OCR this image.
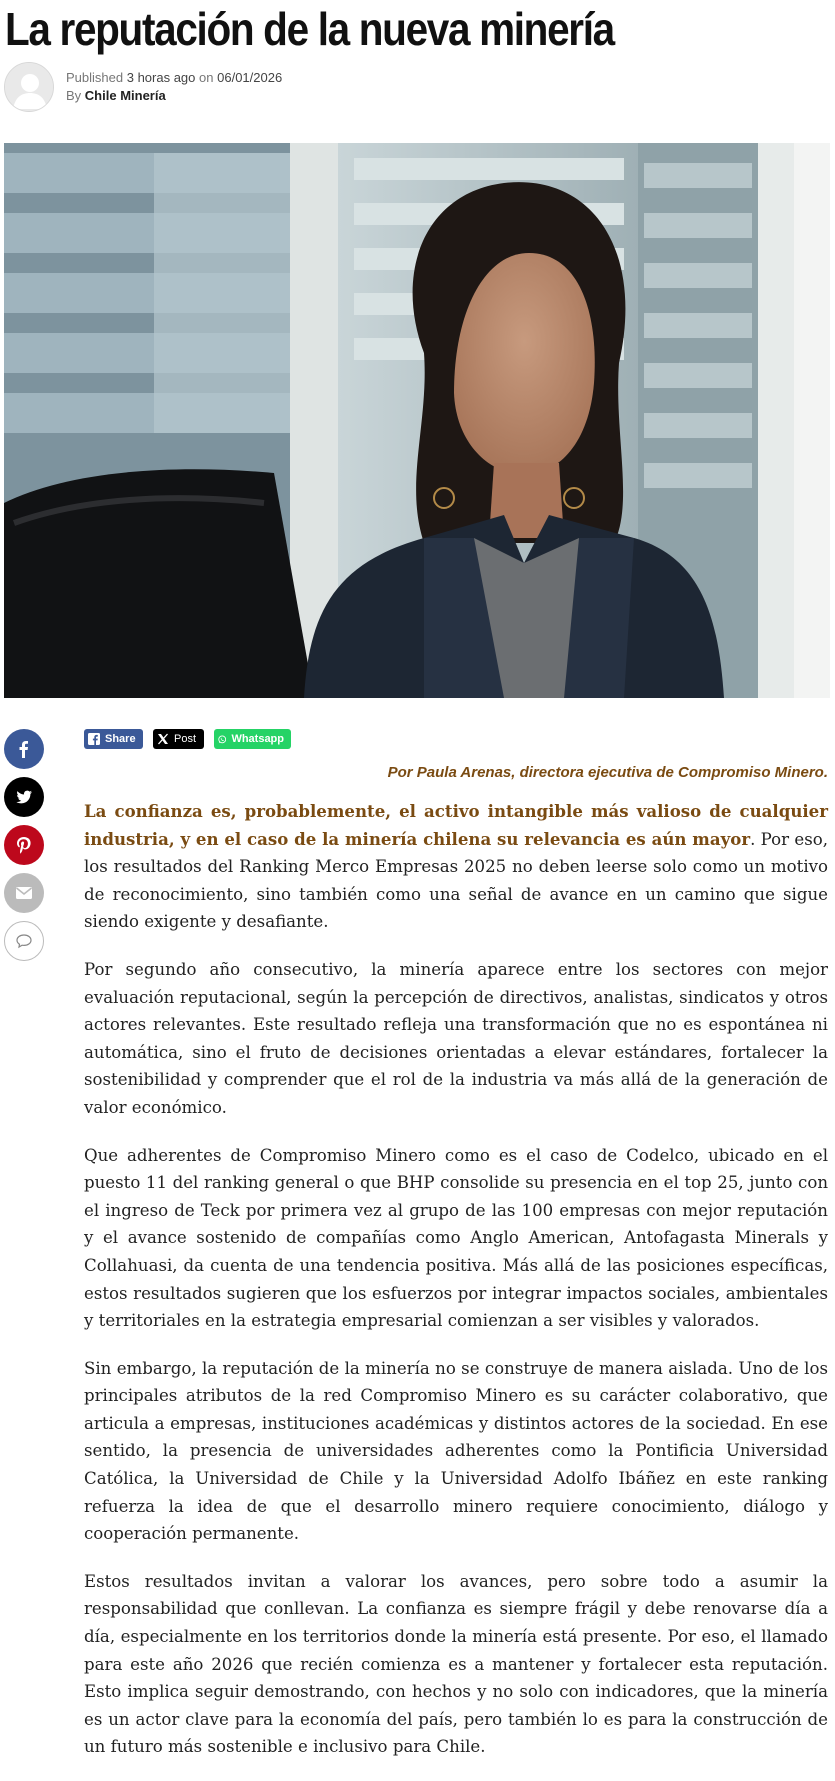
La reputación de la nueva minería
Published 3 horas ago on 06/01/2026
By Chile Minería
Share	Post	Whatsapp
Por Paula Arenas, directora ejecutiva de Compromiso Minero.

La confianza es, probablemente, el activo intangible más valioso de cualquier industria, y en el caso de la minería chilena su relevancia es aún mayor. Por eso, los resultados del Ranking Merco Empresas 2025 no deben leerse solo como un motivo de reconocimiento, sino también como una señal de avance en un camino que sigue siendo exigente y desafiante.

Por segundo año consecutivo, la minería aparece entre los sectores con mejor evaluación reputacional, según la percepción de directivos, analistas, sindicatos y otros actores relevantes. Este resultado refleja una transformación que no es espontánea ni automática, sino el fruto de decisiones orientadas a elevar estándares, fortalecer la sostenibilidad y comprender que el rol de la industria va más allá de la generación de valor económico.

Que adherentes de Compromiso Minero como es el caso de Codelco, ubicado en el puesto 11 del ranking general o que BHP consolide su presencia en el top 25, junto con el ingreso de Teck por primera vez al grupo de las 100 empresas con mejor reputación y el avance sostenido de compañías como Anglo American, Antofagasta Minerals y Collahuasi, da cuenta de una tendencia positiva. Más allá de las posiciones específicas, estos resultados sugieren que los esfuerzos por integrar impactos sociales, ambientales y territoriales en la estrategia empresarial comienzan a ser visibles y valorados.

Sin embargo, la reputación de la minería no se construye de manera aislada. Uno de los principales atributos de la red Compromiso Minero es su carácter colaborativo, que articula a empresas, instituciones académicas y distintos actores de la sociedad. En ese sentido, la presencia de universidades adherentes como la Pontificia Universidad Católica, la Universidad de Chile y la Universidad Adolfo Ibáñez en este ranking refuerza la idea de que el desarrollo minero requiere conocimiento, diálogo y cooperación permanente.

Estos resultados invitan a valorar los avances, pero sobre todo a asumir la responsabilidad que conllevan. La confianza es siempre frágil y debe renovarse día a día, especialmente en los territorios donde la minería está presente. Por eso, el llamado para este año 2026 que recién comienza es a mantener y fortalecer esta reputación. Esto implica seguir demostrando, con hechos y no solo con indicadores, que la minería es un actor clave para la economía del país, pero también lo es para la construcción de un futuro más sostenible e inclusivo para Chile.
